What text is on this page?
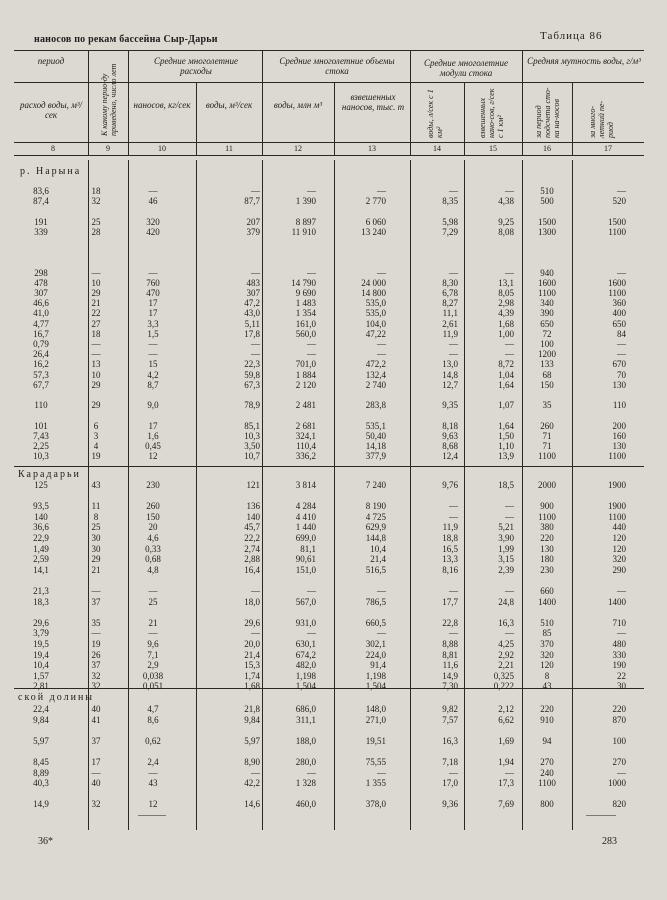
наносов по рекам бассейна Сыр-Дарьи	Таблица 86
период
расход воды, м³/сек	К какому перио-ду приведено, число лет
Средние многолетние расходы
наносов, кг/сек	воды, м³/сек
Средние многолетние объемы стока
воды, млн м³
взвешенных наносов, тыс. т
Средние многолетние модули стока
воды, л/сек с 1 км²	взвешенных нано-сов, г/сек с 1 км²
Средняя мутность воды, г/м³
за период подсчета сто-ка на-носов	за много-летний пе-риод
8	9	10	11	12	13	14	15	16	17
р. Нарына
Карадарьи
ской долины
83,6	18	—	—	—	—	—	—	510	—
87,4	32	46	87,7	1 390	2 770	8,35	4,38	500	520
191	25	320	207	8 897	6 060	5,98	9,25	1500	1500
339	28	420	379	11 910	13 240	7,29	8,08	1300	1100
298	—	—	—	—	—	—	—	940	—
478	10	760	483	14 790	24 000	8,30	13,1	1600	1600
307	29	470	307	9 690	14 800	6,78	8,05	1100	1100
46,6	21	17	47,2	1 483	535,0	8,27	2,98	340	360
41,0	22	17	43,0	1 354	535,0	11,1	4,39	390	400
4,77	27	3,3	5,11	161,0	104,0	2,61	1,68	650	650
16,7	18	1,5	17,8	560,0	47,22	11,9	1,00	72	84
0,79	—	—	—	—	—	—	—	100	—
26,4	—	—	—	—	—	—	—	1200	—
16,2	13	15	22,3	701,0	472,2	13,0	8,72	133	670
57,3	10	4,2	59,8	1 884	132,4	14,8	1,04	68	70
67,7	29	8,7	67,3	2 120	2 740	12,7	1,64	150	130
110	29	9,0	78,9	2 481	283,8	9,35	1,07	35	110
101	6	17	85,1	2 681	535,1	8,18	1,64	260	200
7,43	3	1,6	10,3	324,1	50,40	9,63	1,50	71	160
2,25	4	0,45	3,50	110,4	14,18	8,68	1,10	71	130
10,3	19	12	10,7	336,2	377,9	12,4	13,9	1100	1100
125	43	230	121	3 814	7 240	9,76	18,5	2000	1900
93,5	11	260	136	4 284	8 190	—	—	900	1900
140	8	150	140	4 410	4 725	—	—	1100	1100
36,6	25	20	45,7	1 440	629,9	11,9	5,21	380	440
22,9	30	4,6	22,2	699,0	144,8	18,8	3,90	220	120
1,49	30	0,33	2,74	81,1	10,4	16,5	1,99	130	120
2,59	29	0,68	2,88	90,61	21,4	13,3	3,15	180	320
14,1	21	4,8	16,4	151,0	516,5	8,16	2,39	230	290
21,3	—	—	—	—	—	—	—	660	—
18,3	37	25	18,0	567,0	786,5	17,7	24,8	1400	1400
29,6	35	21	29,6	931,0	660,5	22,8	16,3	510	710
3,79	—	—	—	—	—	—	—	85	—
19,5	19	9,6	20,0	630,1	302,1	8,88	4,25	370	480
19,4	26	7,1	21,4	674,2	224,0	8,81	2,92	320	330
10,4	37	2,9	15,3	482,0	91,4	11,6	2,21	120	190
1,57	32	0,038	1,74	1,198	1,198	14,9	0,325	8	22
2,81	32	0,051	1,68	1,504	1,504	7,30	0,222	43	30
22,4	40	4,7	21,8	686,0	148,0	9,82	2,12	220	220
9,84	41	8,6	9,84	311,1	271,0	7,57	6,62	910	870
5,97	37	0,62	5,97	188,0	19,51	16,3	1,69	94	100
8,45	17	2,4	8,90	280,0	75,55	7,18	1,94	270	270
8,89	—	—	—	—	—	—	—	240	—
40,3	40	43	42,2	1 328	1 355	17,0	17,3	1100	1000
14,9	32	12	14,6	460,0	378,0	9,36	7,69	800	820
36*	283
